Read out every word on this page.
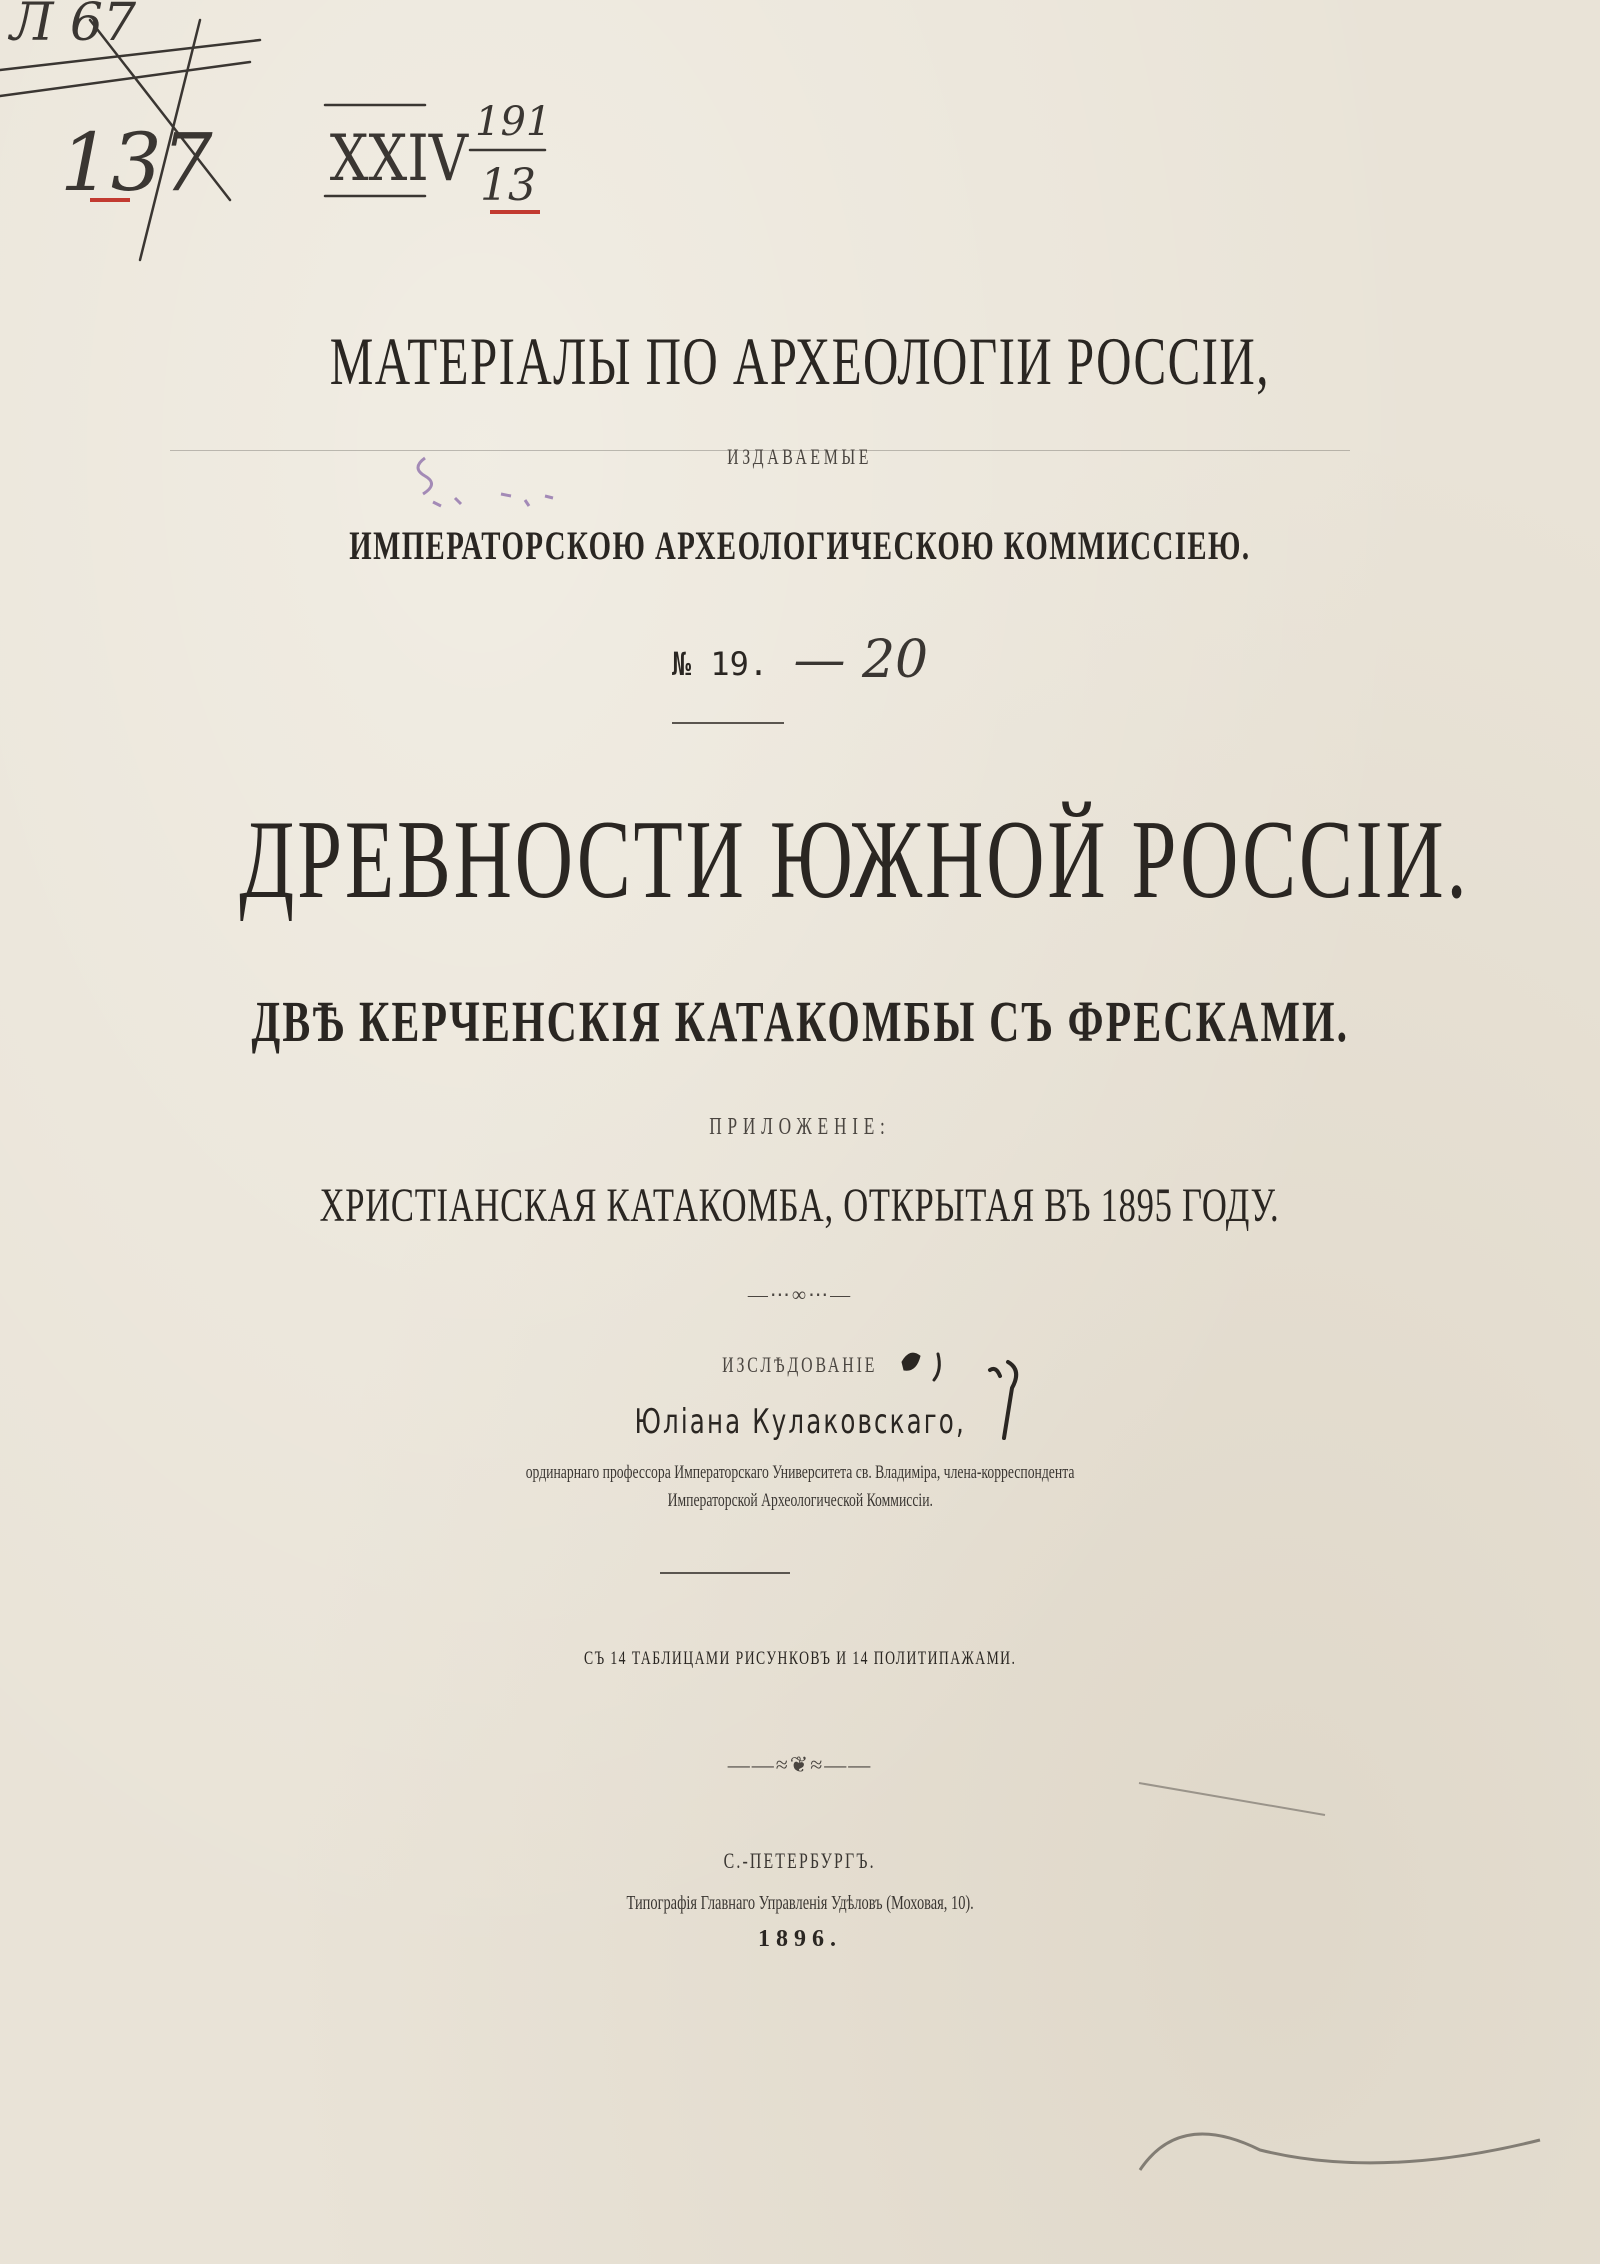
Л 67
137 XXIV 191
13
МАТЕРIАЛЫ ПО АРХЕОЛОГIИ РОССIИ,
ИЗДАВАЕМЫЕ
ИМПЕРАТОРСКОЮ АРХЕОЛОГИЧЕСКОЮ КОММИССIЕЮ.
№ 19. — 20
ДРЕВНОСТИ ЮЖНОЙ РОССIИ.
ДВѢ КЕРЧЕНСКIЯ КАТАКОМБЫ СЪ ФРЕСКАМИ.
ПРИЛОЖЕНIЕ:
ХРИСТIАНСКАЯ КАТАКОМБА, ОТКРЫТАЯ ВЪ 1895 ГОДУ.
—⋯∞⋯—
ИЗСЛѢДОВАНIЕ
Юлiана Кулаковскаго,
ординарнаго профессора Императорскаго Университета св. Владимiра, члена-корреспондента
Императорской Археологической Коммиссiи.
СЪ 14 ТАБЛИЦАМИ РИСУНКОВЪ И 14 ПОЛИТИПАЖАМИ.
——≈❦≈——
С.-ПЕТЕРБУРГЪ.
Типографiя Главнаго Управленiя Удѣловъ (Моховая, 10).
1896.
